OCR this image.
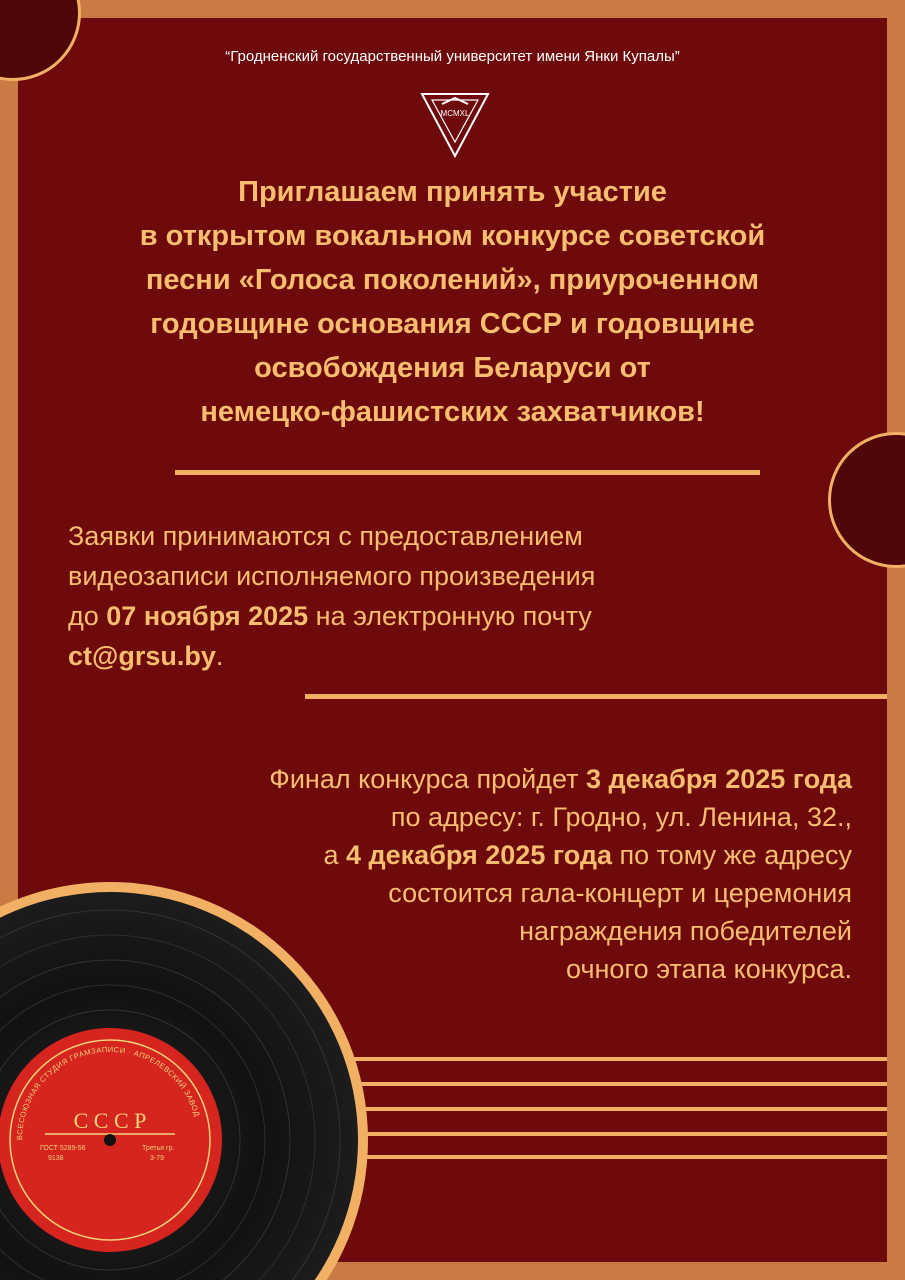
“Гродненский государственный университет имени Янки Купалы”
MCMXL
Приглашаем принять участие
в открытом вокальном конкурсе советской
песни «Голоса поколений», приуроченном
годовщине основания СССР и годовщине
освобождения Беларуси от
немецко-фашистских захватчиков!
Заявки принимаются с предоставлением
видеозаписи исполняемого произведения
до 07 ноября 2025 на электронную почту
ct@grsu.by.
Финал конкурса пройдет 3 декабря 2025 года
по адресу: г. Гродно, ул. Ленина, 32.,
а 4 декабря 2025 года по тому же адресу
состоится гала-концерт и церемония
награждения победителей
очного этапа конкурса.
ВСЕСОЮЗНАЯ СТУДИЯ ГРАМЗАПИСИ · АПРЕЛЕВСКИЙ ЗАВОД
С С С Р
ГОСТ 5289-56
9138
Третья гр.
3-79
